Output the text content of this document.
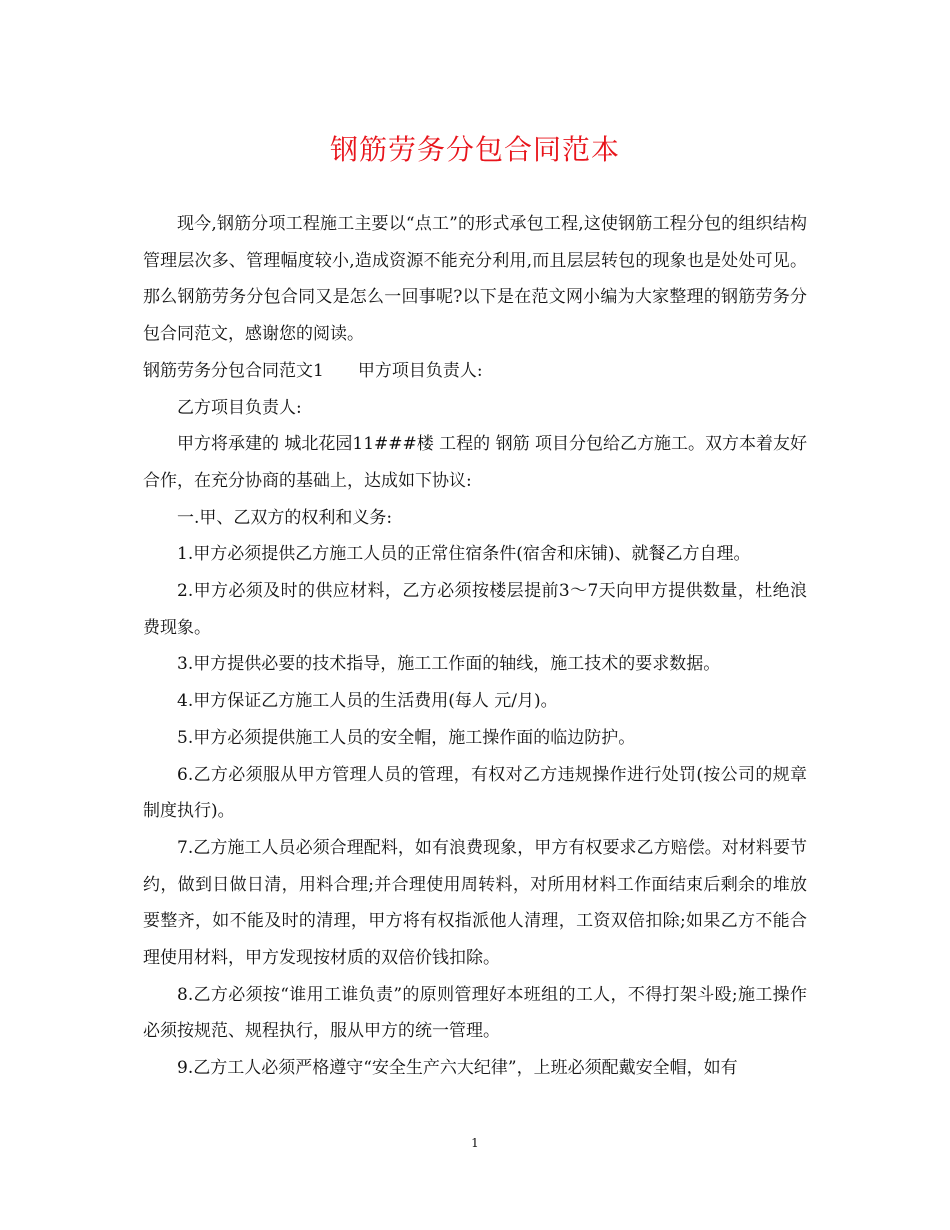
钢筋劳务分包合同范本

现今,钢筋分项工程施工主要以“点工”的形式承包工程,这使钢筋工程分包的组织结构管理层次多、管理幅度较小,造成资源不能充分利用,而且层层转包的现象也是处处可见。那么钢筋劳务分包合同又是怎么一回事呢?以下是在范文网小编为大家整理的钢筋劳务分包合同范文，感谢您的阅读。

钢筋劳务分包合同范文1 甲方项目负责人:

乙方项目负责人:

甲方将承建的 城北花园11###楼 工程的 钢筋 项目分包给乙方施工。双方本着友好合作，在充分协商的基础上，达成如下协议:

一.甲、乙双方的权利和义务:

1.甲方必须提供乙方施工人员的正常住宿条件(宿舍和床铺)、就餐乙方自理。

2.甲方必须及时的供应材料，乙方必须按楼层提前3～7天向甲方提供数量，杜绝浪费现象。

3.甲方提供必要的技术指导，施工工作面的轴线，施工技术的要求数据。

4.甲方保证乙方施工人员的生活费用(每人 元/月)。

5.甲方必须提供施工人员的安全帽，施工操作面的临边防护。

6.乙方必须服从甲方管理人员的管理，有权对乙方违规操作进行处罚(按公司的规章制度执行)。

7.乙方施工人员必须合理配料，如有浪费现象，甲方有权要求乙方赔偿。对材料要节约，做到日做日清，用料合理;并合理使用周转料，对所用材料工作面结束后剩余的堆放要整齐，如不能及时的清理，甲方将有权指派他人清理，工资双倍扣除;如果乙方不能合理使用材料，甲方发现按材质的双倍价钱扣除。

8.乙方必须按“谁用工谁负责”的原则管理好本班组的工人，不得打架斗殴;施工操作必须按规范、规程执行，服从甲方的统一管理。

9.乙方工人必须严格遵守“安全生产六大纪律”，上班必须配戴安全帽，如有

1
